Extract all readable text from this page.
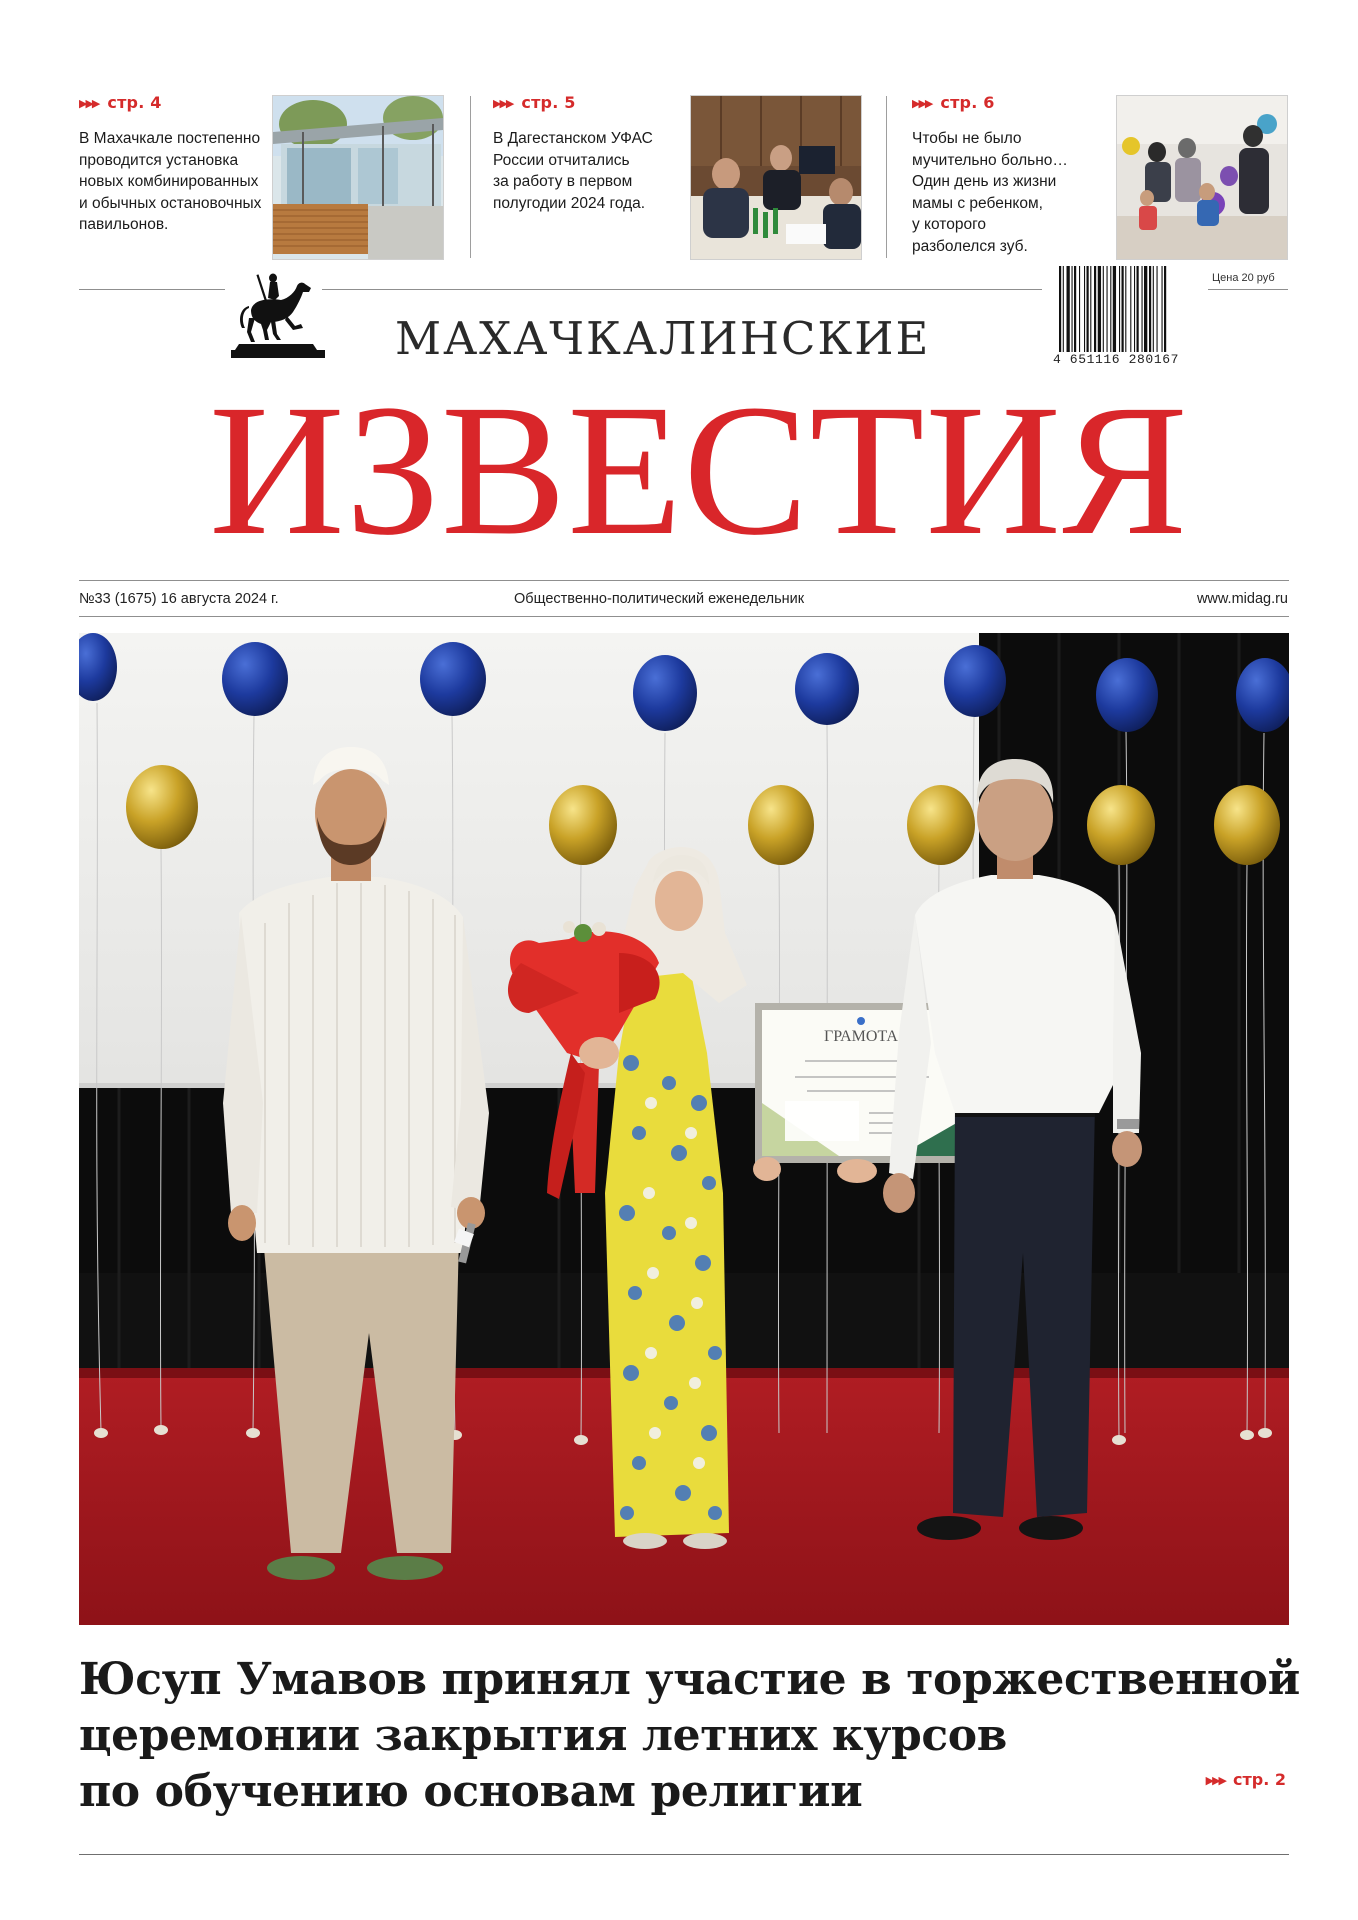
▶▶▶ стр. 4
В Махачкале постепенно
проводится установка
новых комбинированных
и обычных остановочных
павильонов.
▶▶▶ стр. 5
В Дагестанском УФАС
России отчитались
за работу в первом
полугодии 2024 года.
▶▶▶ стр. 6
Чтобы не было
мучительно больно…
Один день из жизни
мамы с ребенком,
у которого
разболелся зуб.
МАХАЧКАЛИНСКИЕ
ИЗВЕСТИЯ
Цена 20 руб
4 651116 280167
№33 (1675) 16 августа 2024 г.	Общественно-политический еженедельник	www.midag.ru
ГРАМОТА
Юсуп Умавов принял участие в торжественной
церемонии закрытия летних курсов
по обучению основам религии	▶▶▶ стр. 2
